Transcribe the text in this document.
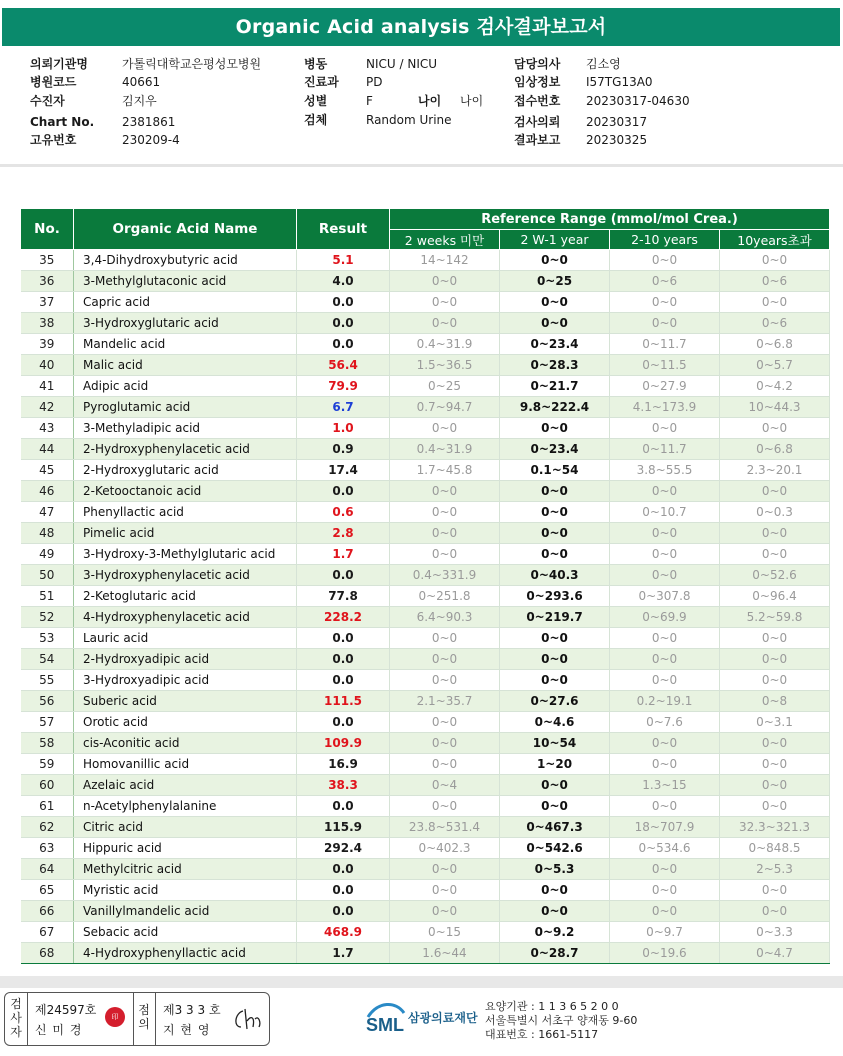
Organic Acid analysis 검사결과보고서
의뢰기관명	가톨릭대학교은평성모병원
병원코드	40661
수진자	김지우
Chart No. 2381861
고유번호	230209-4
병동	NICU / NICU
진료과 PD
성별	F	나이 나이
검체	Random Urine
담당의사 김소영
임상정보 I57TG13A0
접수번호 20230317-04630
검사의뢰 20230317
결과보고 20230325
No.	Organic Acid Name	Result	Reference Range (mmol/mol Crea.)			
			2 weeks 미만	2 W-1 year	2-10 years	10years초과
35	3,4-Dihydroxybutyric acid	5.1	14~142	0~0	0~0	0~0
36	3-Methylglutaconic acid	4.0	0~0	0~25	0~6	0~6
37	Capric acid	0.0	0~0	0~0	0~0	0~0
38	3-Hydroxyglutaric acid	0.0	0~0	0~0	0~0	0~6
39	Mandelic acid	0.0	0.4~31.9	0~23.4	0~11.7	0~6.8
40	Malic acid	56.4	1.5~36.5	0~28.3	0~11.5	0~5.7
41	Adipic acid	79.9	0~25	0~21.7	0~27.9	0~4.2
42	Pyroglutamic acid	6.7	0.7~94.7	9.8~222.4	4.1~173.9	10~44.3
43	3-Methyladipic acid	1.0	0~0	0~0	0~0	0~0
44	2-Hydroxyphenylacetic acid	0.9	0.4~31.9	0~23.4	0~11.7	0~6.8
45	2-Hydroxyglutaric acid	17.4	1.7~45.8	0.1~54	3.8~55.5	2.3~20.1
46	2-Ketooctanoic acid	0.0	0~0	0~0	0~0	0~0
47	Phenyllactic acid	0.6	0~0	0~0	0~10.7	0~0.3
48	Pimelic acid	2.8	0~0	0~0	0~0	0~0
49	3-Hydroxy-3-Methylglutaric acid	1.7	0~0	0~0	0~0	0~0
50	3-Hydroxyphenylacetic acid	0.0	0.4~331.9	0~40.3	0~0	0~52.6
51	2-Ketoglutaric acid	77.8	0~251.8	0~293.6	0~307.8	0~96.4
52	4-Hydroxyphenylacetic acid	228.2	6.4~90.3	0~219.7	0~69.9	5.2~59.8
53	Lauric acid	0.0	0~0	0~0	0~0	0~0
54	2-Hydroxyadipic acid	0.0	0~0	0~0	0~0	0~0
55	3-Hydroxyadipic acid	0.0	0~0	0~0	0~0	0~0
56	Suberic acid	111.5	2.1~35.7	0~27.6	0.2~19.1	0~8
57	Orotic acid	0.0	0~0	0~4.6	0~7.6	0~3.1
58	cis-Aconitic acid	109.9	0~0	10~54	0~0	0~0
59	Homovanillic acid	16.9	0~0	1~20	0~0	0~0
60	Azelaic acid	38.3	0~4	0~0	1.3~15	0~0
61	n-Acetylphenylalanine	0.0	0~0	0~0	0~0	0~0
62	Citric acid	115.9	23.8~531.4	0~467.3	18~707.9	32.3~321.3
63	Hippuric acid	292.4	0~402.3	0~542.6	0~534.6	0~848.5
64	Methylcitric acid	0.0	0~0	0~5.3	0~0	2~5.3
65	Myristic acid	0.0	0~0	0~0	0~0	0~0
66	Vanillylmandelic acid	0.0	0~0	0~0	0~0	0~0
67	Sebacic acid	468.9	0~15	0~9.2	0~9.7	0~3.3
68	4-Hydroxyphenyllactic acid	1.7	1.6~44	0~28.7	0~19.6	0~4.7
검사자
제24597호
신 미 경
印	점의
제3 3 3 호
지 현 영	SML 삼광의료재단
요양기관 : 1 1 3 6 5 2 0 0
서울특별시 서초구 양재동 9-60
대표번호 : 1661-5117
